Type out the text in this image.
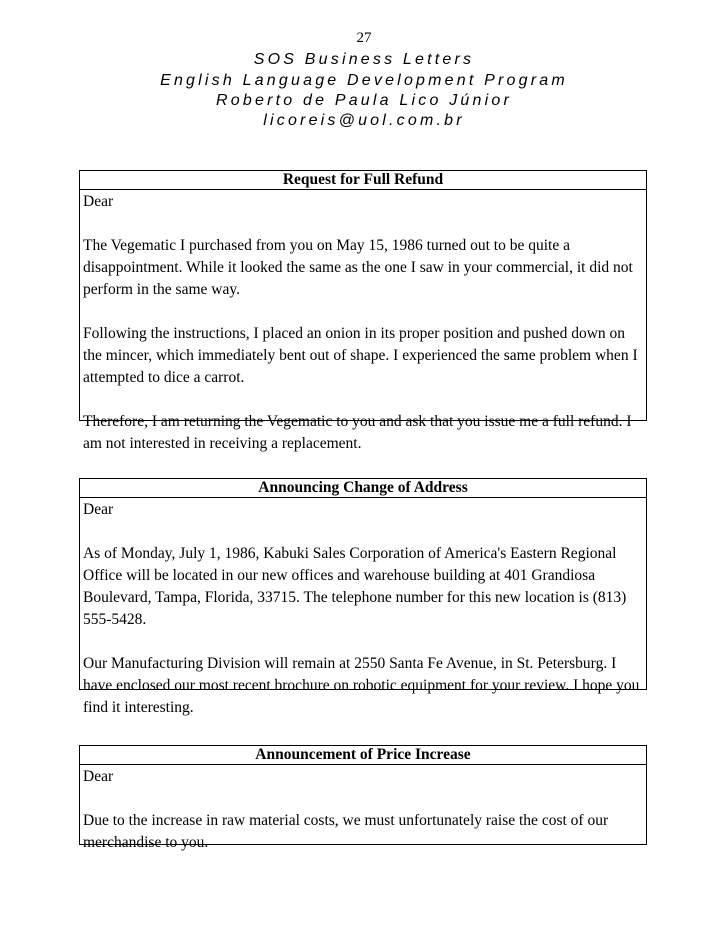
27
SOS Business Letters
English Language Development Program
Roberto de Paula Lico Júnior
licoreis@uol.com.br
Request for Full Refund

Dear

The Vegematic I purchased from you on May 15, 1986 turned out to be quite a disappointment. While it looked the same as the one I saw in your commercial, it did not perform in the same way.

Following the instructions, I placed an onion in its proper position and pushed down on the mincer, which immediately bent out of shape. I experienced the same problem when I attempted to dice a carrot.

Therefore, I am returning the Vegematic to you and ask that you issue me a full refund. I am not interested in receiving a replacement.

Announcing Change of Address

Dear

As of Monday, July 1, 1986, Kabuki Sales Corporation of America's Eastern Regional Office will be located in our new offices and warehouse building at 401 Grandiosa Boulevard, Tampa, Florida, 33715. The telephone number for this new location is (813) 555-5428.

Our Manufacturing Division will remain at 2550 Santa Fe Avenue, in St. Petersburg. I have enclosed our most recent brochure on robotic equipment for your review. I hope you find it interesting.

Announcement of Price Increase

Dear

Due to the increase in raw material costs, we must unfortunately raise the cost of our merchandise to you.
